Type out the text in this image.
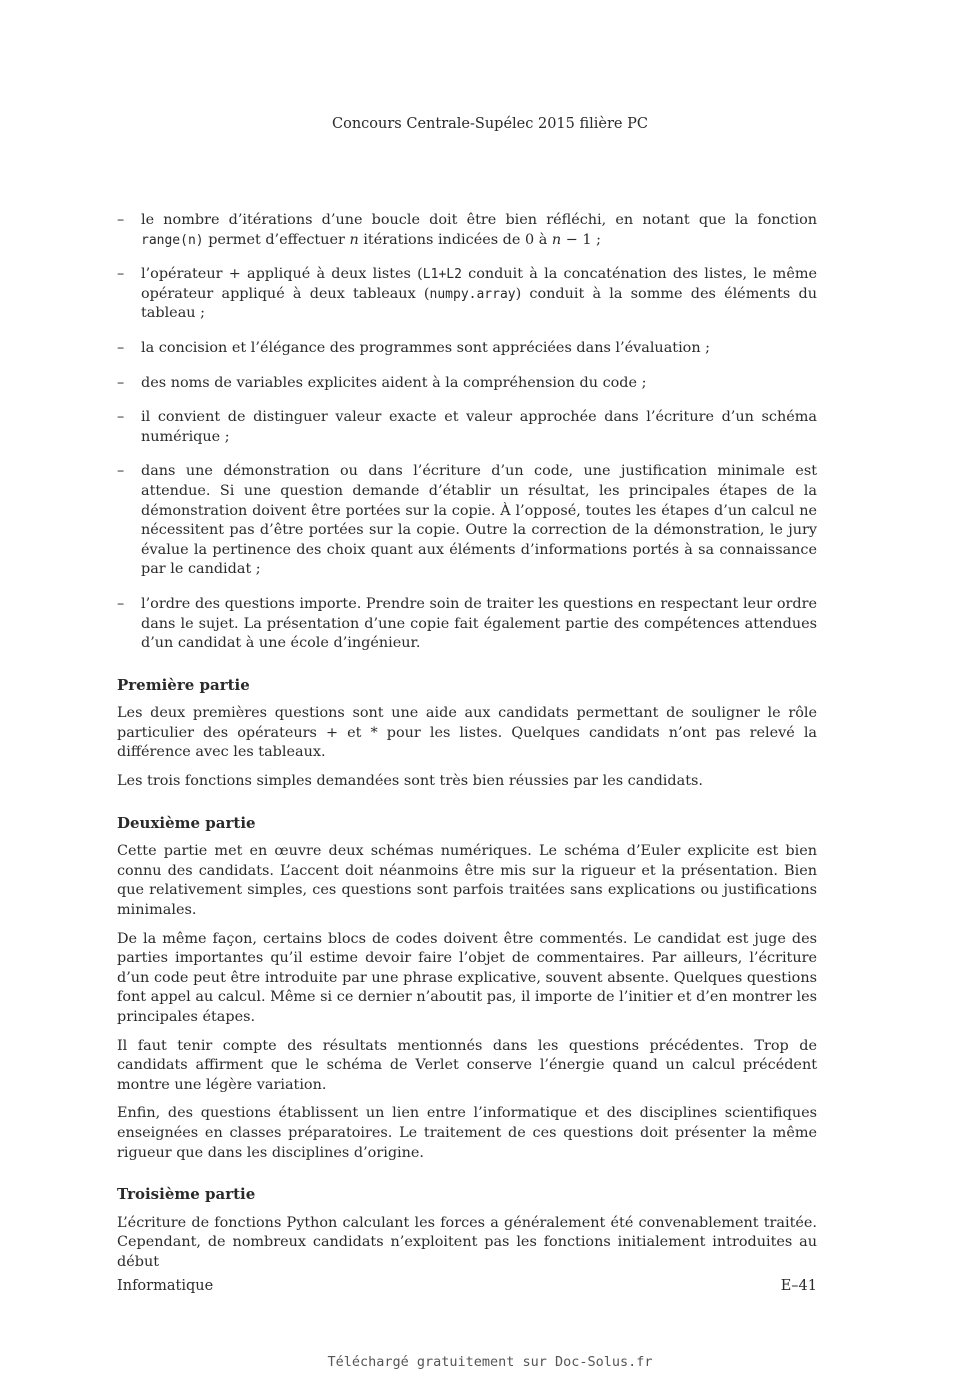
Concours Centrale-Supélec 2015 filière PC
– le nombre d’itérations d’une boucle doit être bien réfléchi, en notant que la fonction range(n) permet d’effectuer n itérations indicées de 0 à n − 1 ;
– l’opérateur + appliqué à deux listes (L1+L2 conduit à la concaténation des listes, le même opérateur appliqué à deux tableaux (numpy.array) conduit à la somme des éléments du tableau ;
– la concision et l’élégance des programmes sont appréciées dans l’évaluation ;
– des noms de variables explicites aident à la compréhension du code ;
– il convient de distinguer valeur exacte et valeur approchée dans l’écriture d’un schéma numérique ;
– dans une démonstration ou dans l’écriture d’un code, une justification minimale est attendue. Si une question demande d’établir un résultat, les principales étapes de la démonstration doivent être portées sur la copie. À l’opposé, toutes les étapes d’un calcul ne nécessitent pas d’être portées sur la copie. Outre la correction de la démonstration, le jury évalue la pertinence des choix quant aux éléments d’informations portés à sa connaissance par le candidat ;
– l’ordre des questions importe. Prendre soin de traiter les questions en respectant leur ordre dans le sujet. La présentation d’une copie fait également partie des compétences attendues d’un candidat à une école d’ingénieur.
Première partie

Les deux premières questions sont une aide aux candidats permettant de souligner le rôle particulier des opérateurs + et * pour les listes. Quelques candidats n’ont pas relevé la différence avec les tableaux.

Les trois fonctions simples demandées sont très bien réussies par les candidats.

Deuxième partie

Cette partie met en œuvre deux schémas numériques. Le schéma d’Euler explicite est bien connu des candidats. L’accent doit néanmoins être mis sur la rigueur et la présentation. Bien que relativement simples, ces questions sont parfois traitées sans explications ou justifications minimales.

De la même façon, certains blocs de codes doivent être commentés. Le candidat est juge des parties importantes qu’il estime devoir faire l’objet de commentaires. Par ailleurs, l’écriture d’un code peut être introduite par une phrase explicative, souvent absente. Quelques questions font appel au calcul. Même si ce dernier n’aboutit pas, il importe de l’initier et d’en montrer les principales étapes.

Il faut tenir compte des résultats mentionnés dans les questions précédentes. Trop de candidats affirment que le schéma de Verlet conserve l’énergie quand un calcul précédent montre une légère variation.

Enfin, des questions établissent un lien entre l’informatique et des disciplines scientifiques enseignées en classes préparatoires. Le traitement de ces questions doit présenter la même rigueur que dans les disciplines d’origine.

Troisième partie

L’écriture de fonctions Python calculant les forces a généralement été convenablement traitée. Cependant, de nombreux candidats n’exploitent pas les fonctions initialement introduites au début

Informatique	E–41
Téléchargé gratuitement sur Doc-Solus.fr
